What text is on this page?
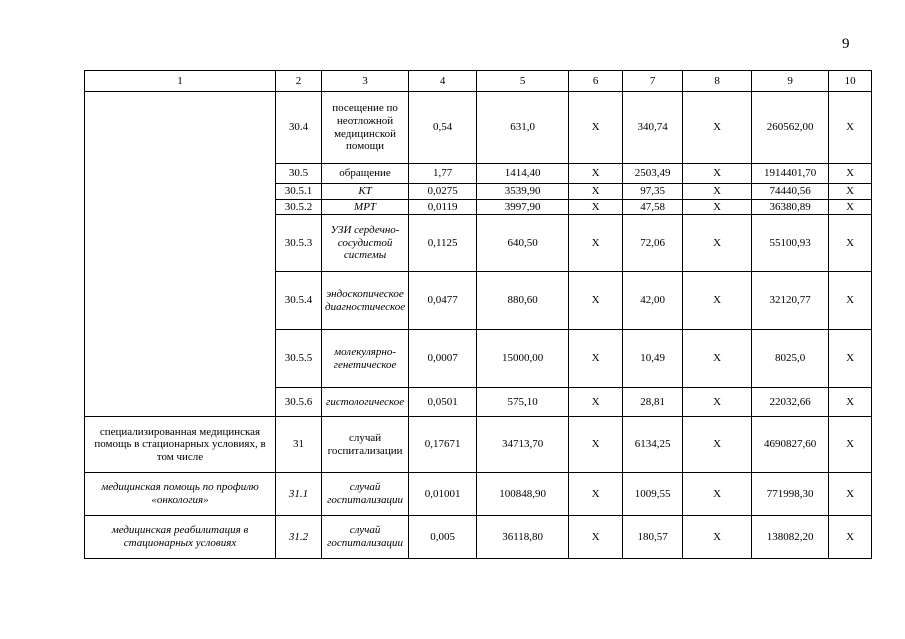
9
1	2	3	4	5	6	7	8	9	10
	30.4	посещение по неотложной медицинской помощи	0,54	631,0	X	340,74	X	260562,00	X
	30.5	обращение	1,77	1414,40	X	2503,49	X	1914401,70	X
	30.5.1	КТ	0,0275	3539,90	X	97,35	X	74440,56	X
	30.5.2	МРТ	0,0119	3997,90	X	47,58	X	36380,89	X
	30.5.3	УЗИ сердечно-сосудистой системы	0,1125	640,50	X	72,06	X	55100,93	X
	30.5.4	эндоскопическое диагностическое	0,0477	880,60	X	42,00	X	32120,77	X
	30.5.5	молекулярно-генетическое	0,0007	15000,00	X	10,49	X	8025,0	X
	30.5.6	гистологическое	0,0501	575,10	X	28,81	X	22032,66	X
специализированная медицинская помощь в стационарных условиях, в том числе	31	случай госпитализации	0,17671	34713,70	X	6134,25	X	4690827,60	X
медицинская помощь по профилю «онкология»	31.1	случай госпитализации	0,01001	100848,90	X	1009,55	X	771998,30	X
медицинская реабилитация в стационарных условиях	31.2	случай госпитализации	0,005	36118,80	X	180,57	X	138082,20	X
